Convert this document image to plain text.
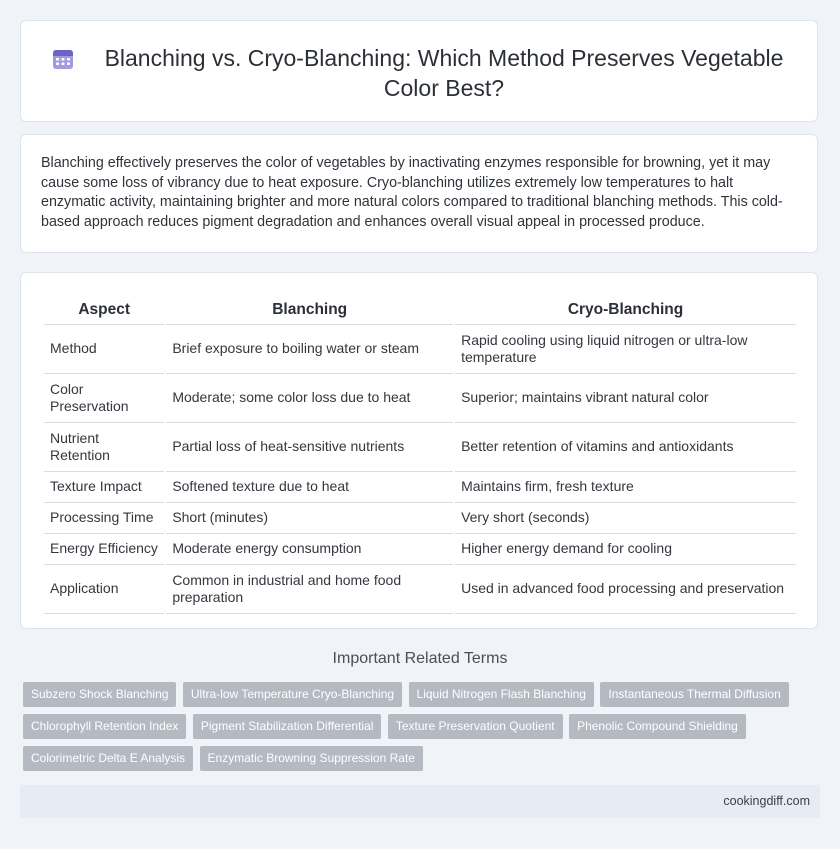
Blanching vs. Cryo-Blanching: Which Method Preserves Vegetable Color Best?
Blanching effectively preserves the color of vegetables by inactivating enzymes responsible for browning, yet it may cause some loss of vibrancy due to heat exposure. Cryo-blanching utilizes extremely low temperatures to halt enzymatic activity, maintaining brighter and more natural colors compared to traditional blanching methods. This cold-based approach reduces pigment degradation and enhances overall visual appeal in processed produce.
Aspect	Blanching	Cryo-Blanching
Method	Brief exposure to boiling water or steam	Rapid cooling using liquid nitrogen or ultra-low temperature
Color Preservation	Moderate; some color loss due to heat	Superior; maintains vibrant natural color
Nutrient Retention	Partial loss of heat-sensitive nutrients	Better retention of vitamins and antioxidants
Texture Impact	Softened texture due to heat	Maintains firm, fresh texture
Processing Time	Short (minutes)	Very short (seconds)
Energy Efficiency	Moderate energy consumption	Higher energy demand for cooling
Application	Common in industrial and home food preparation	Used in advanced food processing and preservation
Important Related Terms
Subzero Shock Blanching Ultra-low Temperature Cryo-Blanching Liquid Nitrogen Flash Blanching Instantaneous Thermal Diffusion Chlorophyll Retention Index Pigment Stabilization Differential Texture Preservation Quotient Phenolic Compound Shielding Colorimetric Delta E Analysis Enzymatic Browning Suppression Rate
cookingdiff.com
